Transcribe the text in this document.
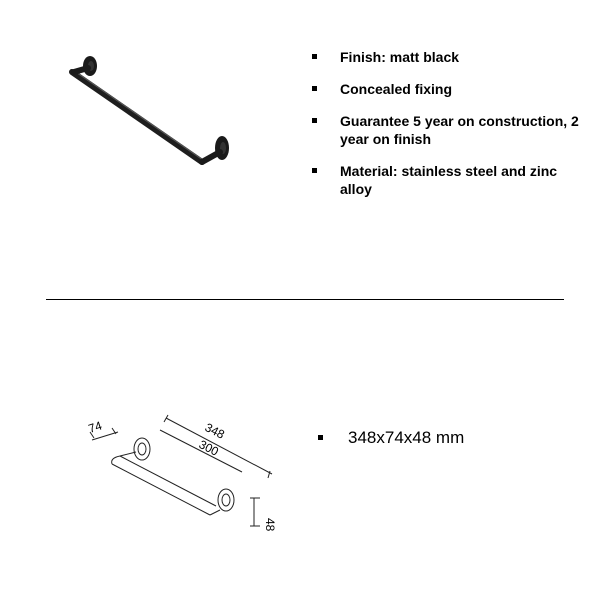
Finish: matt black
Concealed fixing
Guarantee 5 year on construction, 2 year on finish
Material: stainless steel and zinc alloy
74	348
300
48
348x74x48 mm
